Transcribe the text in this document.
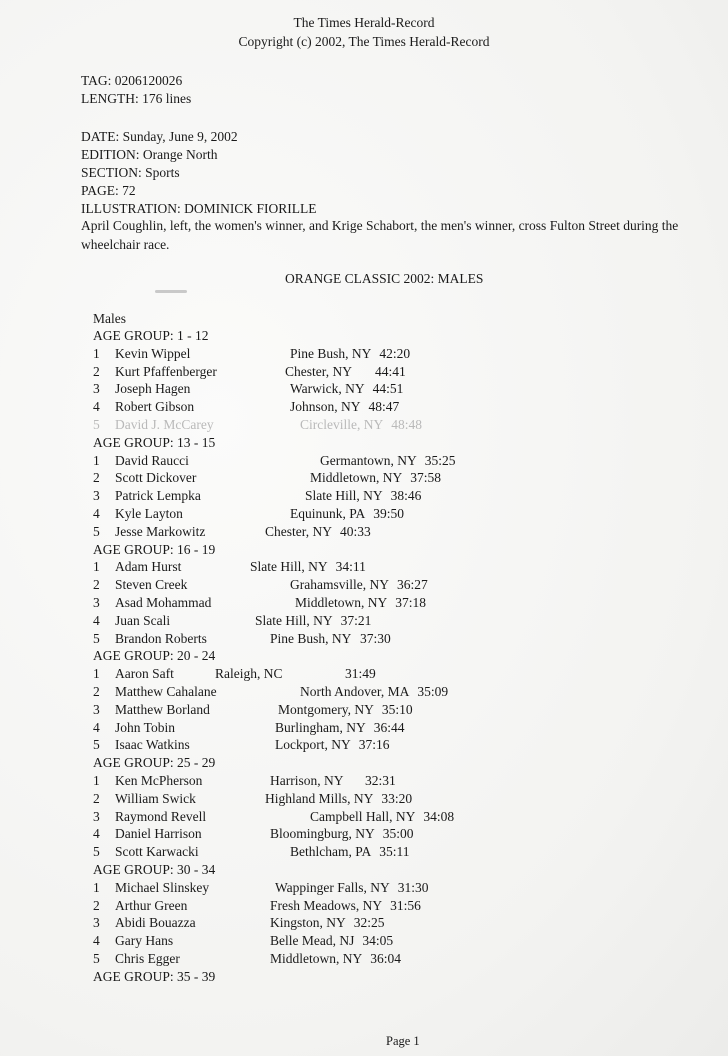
The Times Herald-Record
Copyright (c) 2002, The Times Herald-Record
TAG: 0206120026
LENGTH: 176 lines
DATE: Sunday, June 9, 2002
EDITION: Orange North
SECTION: Sports
PAGE: 72
ILLUSTRATION: DOMINICK FIORILLE
April Coughlin, left, the women's winner, and Krige Schabort, the men's winner, cross Fulton Street during the wheelchair race.
ORANGE CLASSIC 2002: MALES
Males
AGE GROUP: 1 - 12
1 Kevin Wippel	Pine Bush, NY 42:20
2 Kurt Pfaffenberger	Chester, NY 44:41
3 Joseph Hagen	Warwick, NY 44:51
4 Robert Gibson	Johnson, NY 48:47
5 David J. McCarey	Circleville, NY 48:48
AGE GROUP: 13 - 15
1 David Raucci	Germantown, NY 35:25
2 Scott Dickover	Middletown, NY 37:58
3 Patrick Lempka	Slate Hill, NY 38:46
4 Kyle Layton	Equinunk, PA 39:50
5 Jesse Markowitz	Chester, NY 40:33
AGE GROUP: 16 - 19
1 Adam Hurst	Slate Hill, NY 34:11
2 Steven Creek	Grahamsville, NY 36:27
3 Asad Mohammad	Middletown, NY 37:18
4 Juan Scali	Slate Hill, NY 37:21
5 Brandon Roberts	Pine Bush, NY 37:30
AGE GROUP: 20 - 24
1 Aaron Saft	Raleigh, NC	31:49
2 Matthew Cahalane	North Andover, MA 35:09
3 Matthew Borland	Montgomery, NY 35:10
4 John Tobin	Burlingham, NY 36:44
5 Isaac Watkins	Lockport, NY 37:16
AGE GROUP: 25 - 29
1 Ken McPherson	Harrison, NY 32:31
2 William Swick	Highland Mills, NY 33:20
3 Raymond Revell	Campbell Hall, NY 34:08
4 Daniel Harrison	Bloomingburg, NY 35:00
5 Scott Karwacki	Bethlcham, PA 35:11
AGE GROUP: 30 - 34
1 Michael Slinskey	Wappinger Falls, NY 31:30
2 Arthur Green	Fresh Meadows, NY 31:56
3 Abidi Bouazza	Kingston, NY 32:25
4 Gary Hans	Belle Mead, NJ 34:05
5 Chris Egger	Middletown, NY 36:04
AGE GROUP: 35 - 39
Page 1
